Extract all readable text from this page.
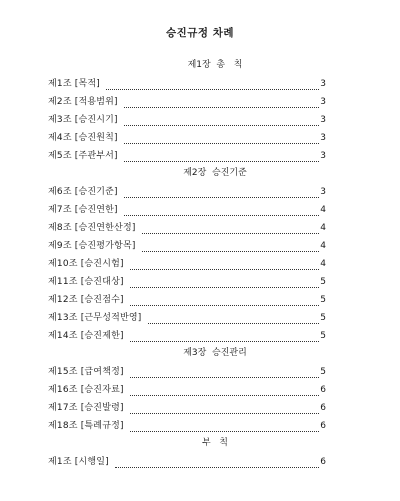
승진규정 차례
제1장  총   칙
제1조 [목적]	3
제2조 [적용범위]	3
제3조 [승진시기]	3
제4조 [승진원칙]	3
제5조 [주관부서]	3
제2장  승진기준
제6조 [승진기준]	3
제7조 [승진연한]	4
제8조 [승진연한산정]	4
제9조 [승진평가항목]	4
제10조 [승진시험]	4
제11조 [승진대상]	5
제12조 [승진점수]	5
제13조 [근무성적반영]	5
제14조 [승진제한]	5
제3장  승진관리
제15조 [급여책정]	5
제16조 [승진자료]	6
제17조 [승진발령]	6
제18조 [특례규정]	6
부   칙
제1조 [시행일]	6
